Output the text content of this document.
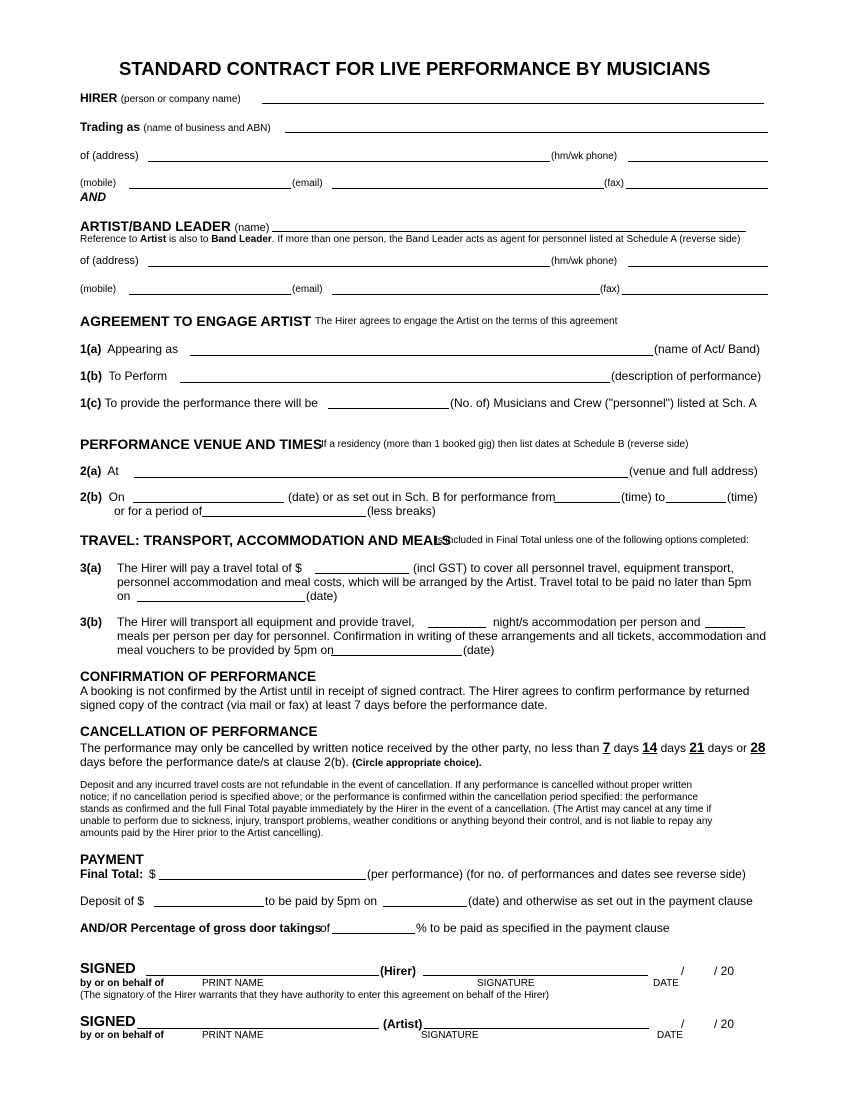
STANDARD CONTRACT FOR LIVE PERFORMANCE BY MUSICIANS
HIRER (person or company name)
Trading as (name of business and ABN)
of (address)	(hm/wk phone)
(mobile)	(email)	(fax)
AND
ARTIST/BAND LEADER (name)
Reference to Artist is also to Band Leader. If more than one person, the Band Leader acts as agent for personnel listed at Schedule A (reverse side)
of (address)	(hm/wk phone)
(mobile)	(email)	(fax)
AGREEMENT TO ENGAGE ARTIST The Hirer agrees to engage the Artist on the terms of this agreement
1(a) Appearing as	(name of Act/ Band)
1(b) To Perform	(description of performance)
1(c) To provide the performance there will be	(No. of) Musicians and Crew ("personnel") listed at Sch. A
PERFORMANCE VENUE AND TIMES
If a residency (more than 1 booked gig) then list dates at Schedule B (reverse side)
2(a) At	(venue and full address)
2(b) On	(date) or as set out in Sch. B for performance from	(time) to	(time)
or for a period of	(less breaks)
TRAVEL: TRANSPORT, ACCOMMODATION AND MEALS
Is included in Final Total unless one of the following options completed:
3(a) The Hirer will pay a travel total of $	(incl GST) to cover all personnel travel, equipment transport,
personnel accommodation and meal costs, which will be arranged by the Artist. Travel total to be paid no later than 5pm
on	(date)
3(b) The Hirer will transport all equipment and provide travel,	night/s accommodation per person and
meals per person per day for personnel. Confirmation in writing of these arrangements and all tickets, accommodation and
meal vouchers to be provided by 5pm on	(date)
CONFIRMATION OF PERFORMANCE
A booking is not confirmed by the Artist until in receipt of signed contract. The Hirer agrees to confirm performance by returned
signed copy of the contract (via mail or fax) at least 7 days before the performance date.
CANCELLATION OF PERFORMANCE
The performance may only be cancelled by written notice received by the other party, no less than 7 days 14 days 21 days or 28
days before the performance date/s at clause 2(b). (Circle appropriate choice).
Deposit and any incurred travel costs are not refundable in the event of cancellation. If any performance is cancelled without proper written
notice; if no cancellation period is specified above; or the performance is confirmed within the cancellation period specified: the performance
stands as confirmed and the full Final Total payable immediately by the Hirer in the event of a cancellation. (The Artist may cancel at any time if
unable to perform due to sickness, injury, transport problems, weather conditions or anything beyond their control, and is not liable to repay any
amounts paid by the Hirer prior to the Artist cancelling).
PAYMENT
Final Total: $	(per performance) (for no. of performances and dates see reverse side)
Deposit of $	to be paid by 5pm on	(date) and otherwise as set out in the payment clause
AND/OR Percentage of gross door takings
of	% to be paid as specified in the payment clause
SIGNED	(Hirer)	/ / 20
by or on behalf of	PRINT NAME	SIGNATURE	DATE
(The signatory of the Hirer warrants that they have authority to enter this agreement on behalf of the Hirer)
SIGNED	(Artist)	/ / 20
by or on behalf of	PRINT NAME	SIGNATURE	DATE
